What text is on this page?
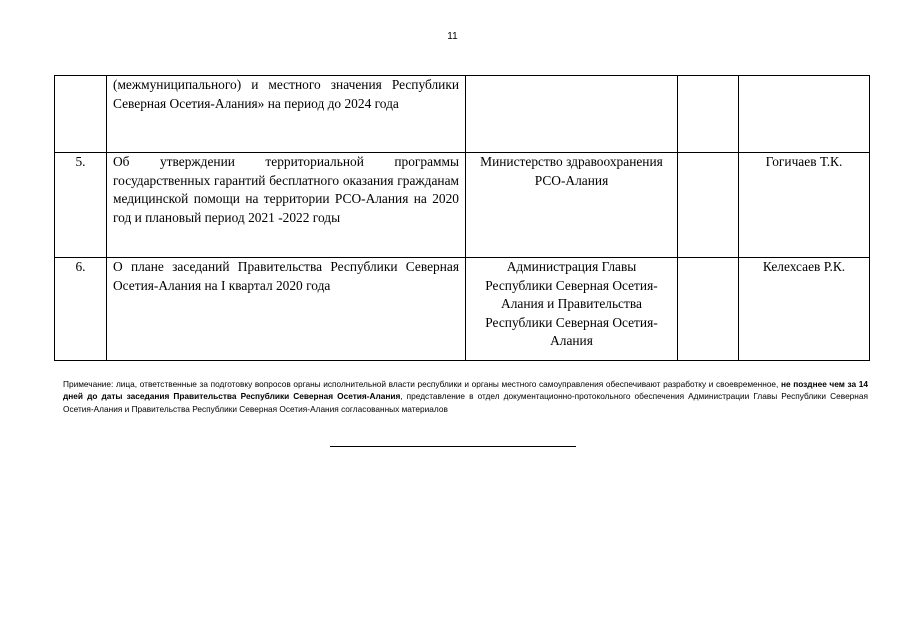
11
	(межмуниципального) и местного значения Республики Северная Осетия-Алания» на период до 2024 года			
5.	Об утверждении территориальной программы государственных гарантий бесплатного оказания гражданам медицинской помощи на территории РСО-Алания на 2020 год и плановый период 2021 -2022 годы	Министерство здравоохранения РСО-Алания		Гогичаев Т.К.
6.	О плане заседаний Правительства Республики Северная Осетия-Алания на I квартал 2020 года	Администрация Главы Республики Северная Осетия-Алания и Правительства Республики Северная Осетия-Алания		Келехсаев Р.К.
Примечание: лица, ответственные за подготовку вопросов органы исполнительной власти республики и органы местного самоуправления обеспечивают разработку и своевременное, не позднее чем за 14 дней до даты заседания Правительства Республики Северная Осетия-Алания, представление в отдел документационно-протокольного обеспечения Администрации Главы Республики Северная Осетия-Алания и Правительства Республики Северная Осетия-Алания согласованных материалов
